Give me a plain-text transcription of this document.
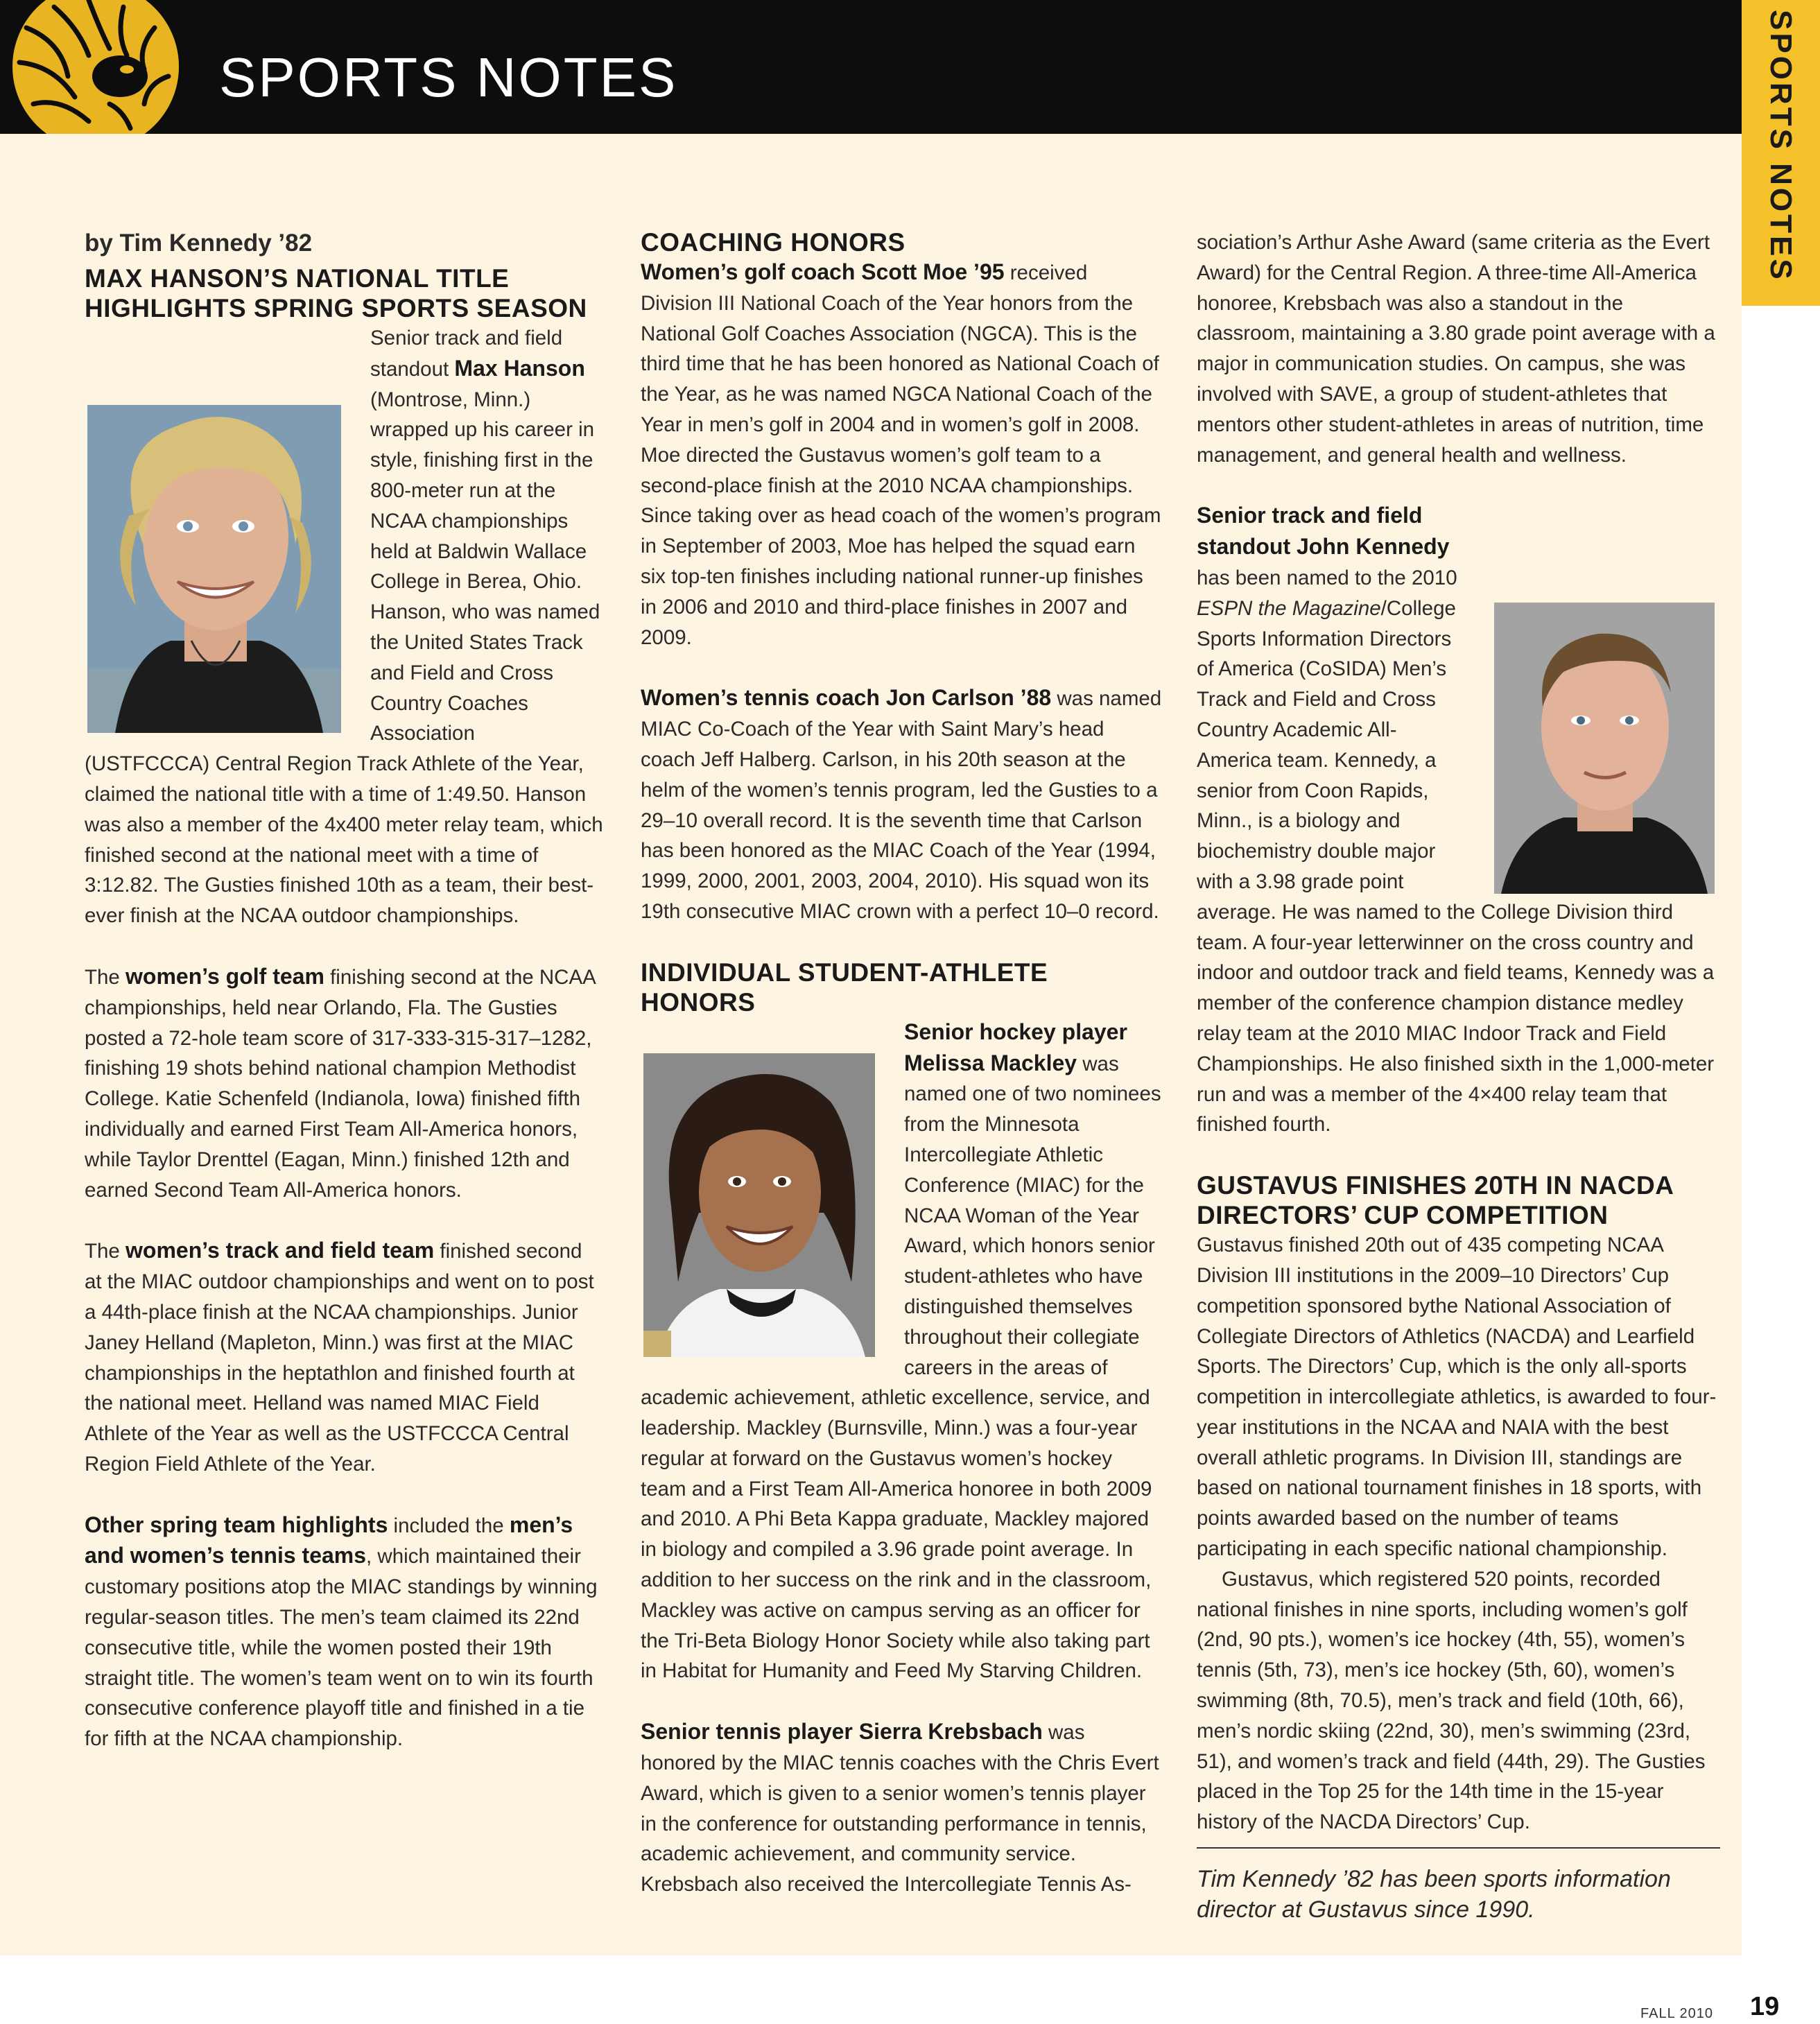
SPORTS NOTES	SPORTS NOTES
by Tim Kennedy ’82
MAX HANSON’S NATIONAL TITLE HIGHLIGHTS SPRING SPORTS SEASON

Senior track and field standout Max Hanson (Montrose, Minn.) wrapped up his career in style, finishing first in the 800-meter run at the NCAA championships held at Baldwin Wallace College in Berea, Ohio. Hanson, who was named the United States Track and Field and Cross Country Coaches Association (USTFCCCA) Central Region Track Athlete of the Year, claimed the national title with a time of 1:49.50. Hanson was also a member of the 4x400 meter relay team, which finished second at the national meet with a time of 3:12.82. The Gusties finished 10th as a team, their best-ever finish at the NCAA outdoor championships.

The women’s golf team finishing second at the NCAA championships, held near Orlando, Fla. The Gusties posted a 72-hole team score of 317-333-315-317–1282, finishing 19 shots behind national champion Methodist College. Katie Schenfeld (Indianola, Iowa) finished fifth individually and earned First Team All-America honors, while Taylor Drenttel (Eagan, Minn.) finished 12th and earned Second Team All-America honors.

The women’s track and field team finished second at the MIAC outdoor championships and went on to post a 44th-place finish at the NCAA championships. Junior Janey Helland (Mapleton, Minn.) was first at the MIAC championships in the heptathlon and finished fourth at the national meet. Helland was named MIAC Field Athlete of the Year as well as the USTFCCCA Central Region Field Athlete of the Year.

Other spring team highlights included the men’s and women’s tennis teams, which maintained their customary positions atop the MIAC standings by winning regular-season titles. The men’s team claimed its 22nd consecutive title, while the women posted their 19th straight title. The women’s team went on to win its fourth consecutive conference playoff title and finished in a tie for fifth at the NCAA championship.

COACHING HONORS

Women’s golf coach Scott Moe ’95 received Division III National Coach of the Year honors from the National Golf Coaches Association (NGCA). This is the third time that he has been honored as National Coach of the Year, as he was named NGCA National Coach of the Year in men’s golf in 2004 and in women’s golf in 2008. Moe directed the Gustavus women’s golf team to a second-place finish at the 2010 NCAA championships. Since taking over as head coach of the women’s program in September of 2003, Moe has helped the squad earn six top-ten finishes including national runner-up finishes in 2006 and 2010 and third-place finishes in 2007 and 2009.

Women’s tennis coach Jon Carlson ’88 was named MIAC Co-Coach of the Year with Saint Mary’s head coach Jeff Halberg. Carlson, in his 20th season at the helm of the women’s tennis program, led the Gusties to a 29–10 overall record. It is the seventh time that Carlson has been honored as the MIAC Coach of the Year (1994, 1999, 2000, 2001, 2003, 2004, 2010). His squad won its 19th consecutive MIAC crown with a perfect 10–0 record.

INDIVIDUAL STUDENT-ATHLETE HONORS

Senior hockey player Melissa Mackley was named one of two nominees from the Minnesota Intercollegiate Athletic Conference (MIAC) for the NCAA Woman of the Year Award, which honors senior student-athletes who have distinguished themselves throughout their collegiate careers in the areas of academic achievement, athletic excellence, service, and leadership. Mackley (Burnsville, Minn.) was a four-year regular at forward on the Gustavus women’s hockey team and a First Team All-America honoree in both 2009 and 2010. A Phi Beta Kappa graduate, Mackley majored in biology and compiled a 3.96 grade point average. In addition to her success on the rink and in the classroom, Mackley was active on campus serving as an officer for the Tri-Beta Biology Honor Society while also taking part in Habitat for Humanity and Feed My Starving Children.

Senior tennis player Sierra Krebsbach was honored by the MIAC tennis coaches with the Chris Evert Award, which is given to a senior women’s tennis player in the conference for outstanding performance in tennis, academic achievement, and community service. Krebsbach also received the Intercollegiate Tennis As-

sociation’s Arthur Ashe Award (same criteria as the Evert Award) for the Central Region. A three-time All-America honoree, Krebsbach was also a standout in the classroom, maintaining a 3.80 grade point average with a major in communication studies. On campus, she was involved with SAVE, a group of student-athletes that mentors other student-athletes in areas of nutrition, time management, and general health and wellness.

Senior track and field standout John Kennedy has been named to the 2010 ESPN the Magazine/College Sports Information Directors of America (CoSIDA) Men’s Track and Field and Cross Country Academic All-America team. Kennedy, a senior from Coon Rapids, Minn., is a biology and biochemistry double major with a 3.98 grade point average. He was named to the College Division third team. A four-year letterwinner on the cross country and indoor and outdoor track and field teams, Kennedy was a member of the conference champion distance medley relay team at the 2010 MIAC Indoor Track and Field Championships. He also finished sixth in the 1,000-meter run and was a member of the 4×400 relay team that finished fourth.

GUSTAVUS FINISHES 20TH IN NACDA DIRECTORS’ CUP COMPETITION

Gustavus finished 20th out of 435 competing NCAA Division III institutions in the 2009–10 Directors’ Cup competition sponsored bythe National Association of Collegiate Directors of Athletics (NACDA) and Learfield Sports. The Directors’ Cup, which is the only all-sports competition in intercollegiate athletics, is awarded to four-year institutions in the NCAA and NAIA with the best overall athletic programs. In Division III, standings are based on national tournament finishes in 18 sports, with points awarded based on the number of teams participating in each specific national championship.

Gustavus, which registered 520 points, recorded national finishes in nine sports, including women’s golf (2nd, 90 pts.), women’s ice hockey (4th, 55), women’s tennis (5th, 73), men’s ice hockey (5th, 60), women’s swimming (8th, 70.5), men’s track and field (10th, 66), men’s nordic skiing (22nd, 30), men’s swimming (23rd, 51), and women’s track and field (44th, 29). The Gusties placed in the Top 25 for the 14th time in the 15-year history of the NACDA Directors’ Cup.

Tim Kennedy ’82 has been sports information director at Gustavus since 1990.

FALL 2010 19
